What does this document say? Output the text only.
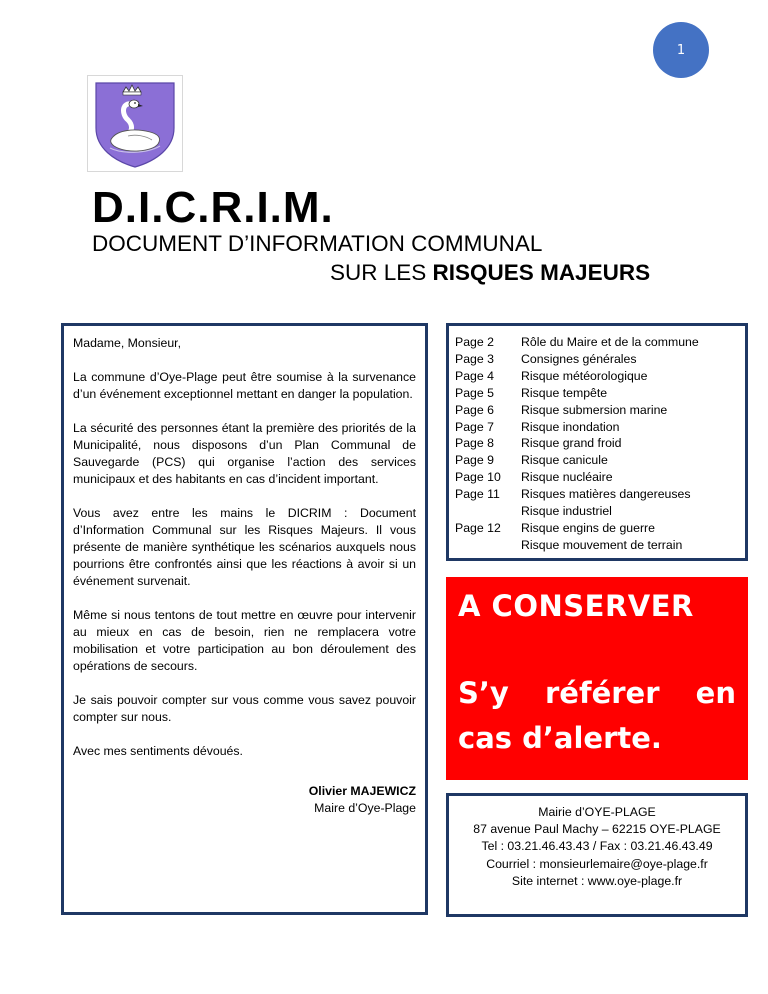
1
D.I.C.R.I.M.
DOCUMENT D’INFORMATION COMMUNAL
SUR LES RISQUES MAJEURS

Madame, Monsieur,

La commune d’Oye-Plage peut être soumise à la survenance d’un événement exceptionnel mettant en danger la population.

La sécurité des personnes étant la première des priorités de la Municipalité, nous disposons d’un Plan Communal de Sauvegarde (PCS) qui organise l’action des services municipaux et des habitants en cas d’incident important.

Vous avez entre les mains le DICRIM : Document d’Information Communal sur les Risques Majeurs. Il vous présente de manière synthétique les scénarios auxquels nous pourrions être confrontés ainsi que les réactions à avoir si un événement survenait.

Même si nous tentons de tout mettre en œuvre pour intervenir au mieux en cas de besoin, rien ne remplacera votre mobilisation et votre participation au bon déroulement des opérations de secours.

Je sais pouvoir compter sur vous comme vous savez pouvoir compter sur nous.

Avec mes sentiments dévoués.

Olivier MAJEWICZ
Maire d’Oye-Plage
Page 2	Rôle du Maire et de la commune
Page 3	Consignes générales
Page 4	Risque météorologique
Page 5	Risque tempête
Page 6	Risque submersion marine
Page 7	Risque inondation
Page 8	Risque grand froid
Page 9	Risque canicule
Page 10	Risque nucléaire
Page 11	Risques matières dangereuses
Risque industriel
Page 12	Risque engins de guerre
Risque mouvement de terrain
A CONSERVER
S’y référer en cas d’alerte.
Mairie d’OYE-PLAGE
87 avenue Paul Machy – 62215 OYE-PLAGE
Tel : 03.21.46.43.43 / Fax : 03.21.46.43.49
Courriel : monsieurlemaire@oye-plage.fr
Site internet : www.oye-plage.fr
